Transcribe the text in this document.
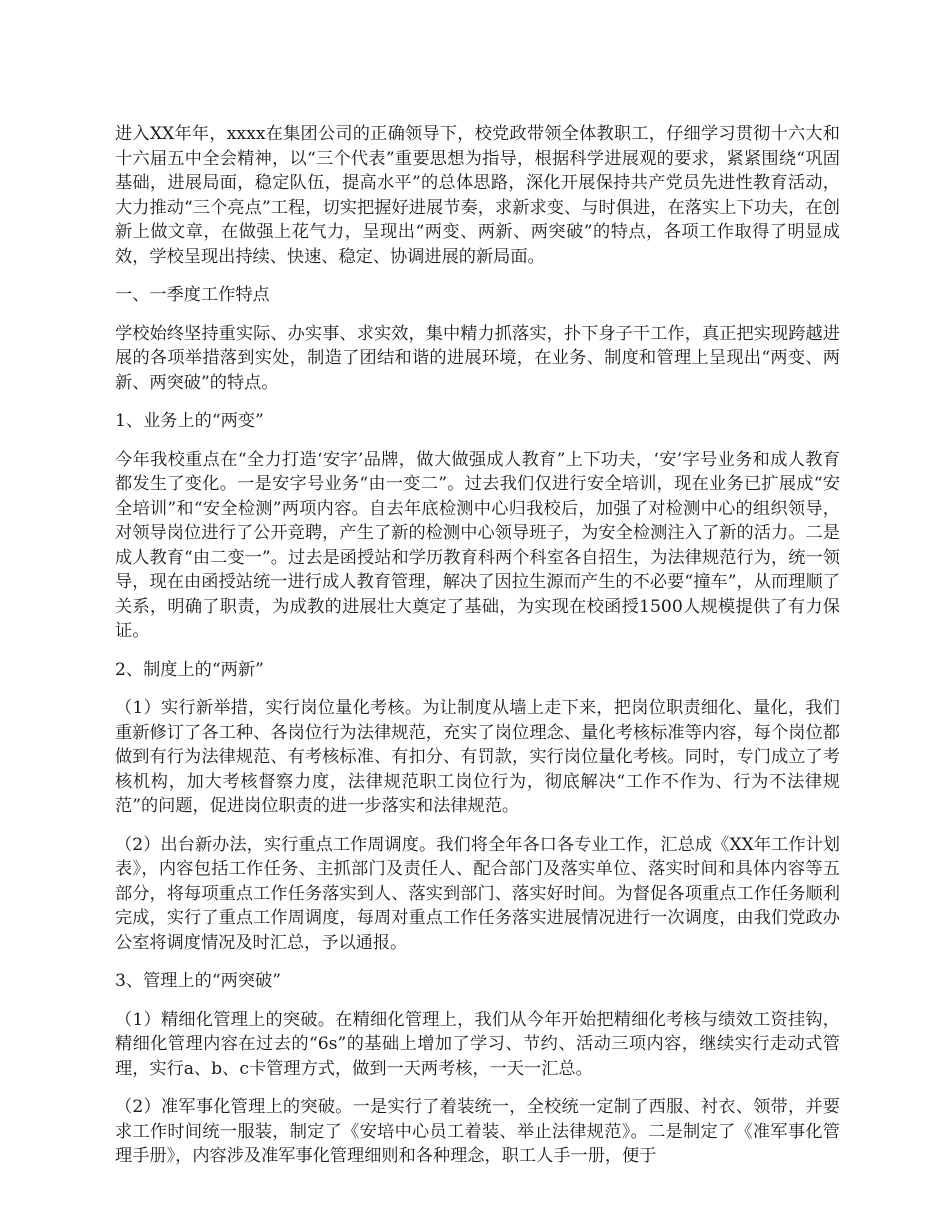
进入XX年年，xxxx在集团公司的正确领导下，校党政带领全体教职工，仔细学习贯彻十六大和十六届五中全会精神，以“三个代表”重要思想为指导，根据科学进展观的要求，紧紧围绕“巩固基础，进展局面，稳定队伍，提高水平”的总体思路，深化开展保持共产党员先进性教育活动，大力推动“三个亮点”工程，切实把握好进展节奏，求新求变、与时俱进，在落实上下功夫，在创新上做文章，在做强上花气力，呈现出“两变、两新、两突破”的特点，各项工作取得了明显成效，学校呈现出持续、快速、稳定、协调进展的新局面。

一、一季度工作特点

学校始终坚持重实际、办实事、求实效，集中精力抓落实，扑下身子干工作，真正把实现跨越进展的各项举措落到实处，制造了团结和谐的进展环境，在业务、制度和管理上呈现出“两变、两新、两突破”的特点。

1、业务上的“两变”

今年我校重点在“全力打造‘安字’品牌，做大做强成人教育”上下功夫，‘安’字号业务和成人教育都发生了变化。一是安字号业务“由一变二”。过去我们仅进行安全培训，现在业务已扩展成“安全培训”和“安全检测”两项内容。自去年底检测中心归我校后，加强了对检测中心的组织领导，对领导岗位进行了公开竞聘，产生了新的检测中心领导班子，为安全检测注入了新的活力。二是成人教育“由二变一”。过去是函授站和学历教育科两个科室各自招生，为法律规范行为，统一领导，现在由函授站统一进行成人教育管理，解决了因拉生源而产生的不必要“撞车”，从而理顺了关系，明确了职责，为成教的进展壮大奠定了基础，为实现在校函授1500人规模提供了有力保证。

2、制度上的“两新”

（1）实行新举措，实行岗位量化考核。为让制度从墙上走下来，把岗位职责细化、量化，我们重新修订了各工种、各岗位行为法律规范，充实了岗位理念、量化考核标准等内容，每个岗位都做到有行为法律规范、有考核标准、有扣分、有罚款，实行岗位量化考核。同时，专门成立了考核机构，加大考核督察力度，法律规范职工岗位行为，彻底解决“工作不作为、行为不法律规范”的问题，促进岗位职责的进一步落实和法律规范。

（2）出台新办法，实行重点工作周调度。我们将全年各口各专业工作，汇总成《XX年工作计划表》，内容包括工作任务、主抓部门及责任人、配合部门及落实单位、落实时间和具体内容等五部分，将每项重点工作任务落实到人、落实到部门、落实好时间。为督促各项重点工作任务顺利完成，实行了重点工作周调度，每周对重点工作任务落实进展情况进行一次调度，由我们党政办公室将调度情况及时汇总，予以通报。

3、管理上的“两突破”

（1）精细化管理上的突破。在精细化管理上，我们从今年开始把精细化考核与绩效工资挂钩，精细化管理内容在过去的“6s”的基础上增加了学习、节约、活动三项内容，继续实行走动式管理，实行a、b、c卡管理方式，做到一天两考核，一天一汇总。

（2）准军事化管理上的突破。一是实行了着装统一，全校统一定制了西服、衬衣、领带，并要求工作时间统一服装，制定了《安培中心员工着装、举止法律规范》。二是制定了《准军事化管理手册》，内容涉及准军事化管理细则和各种理念，职工人手一册，便于
